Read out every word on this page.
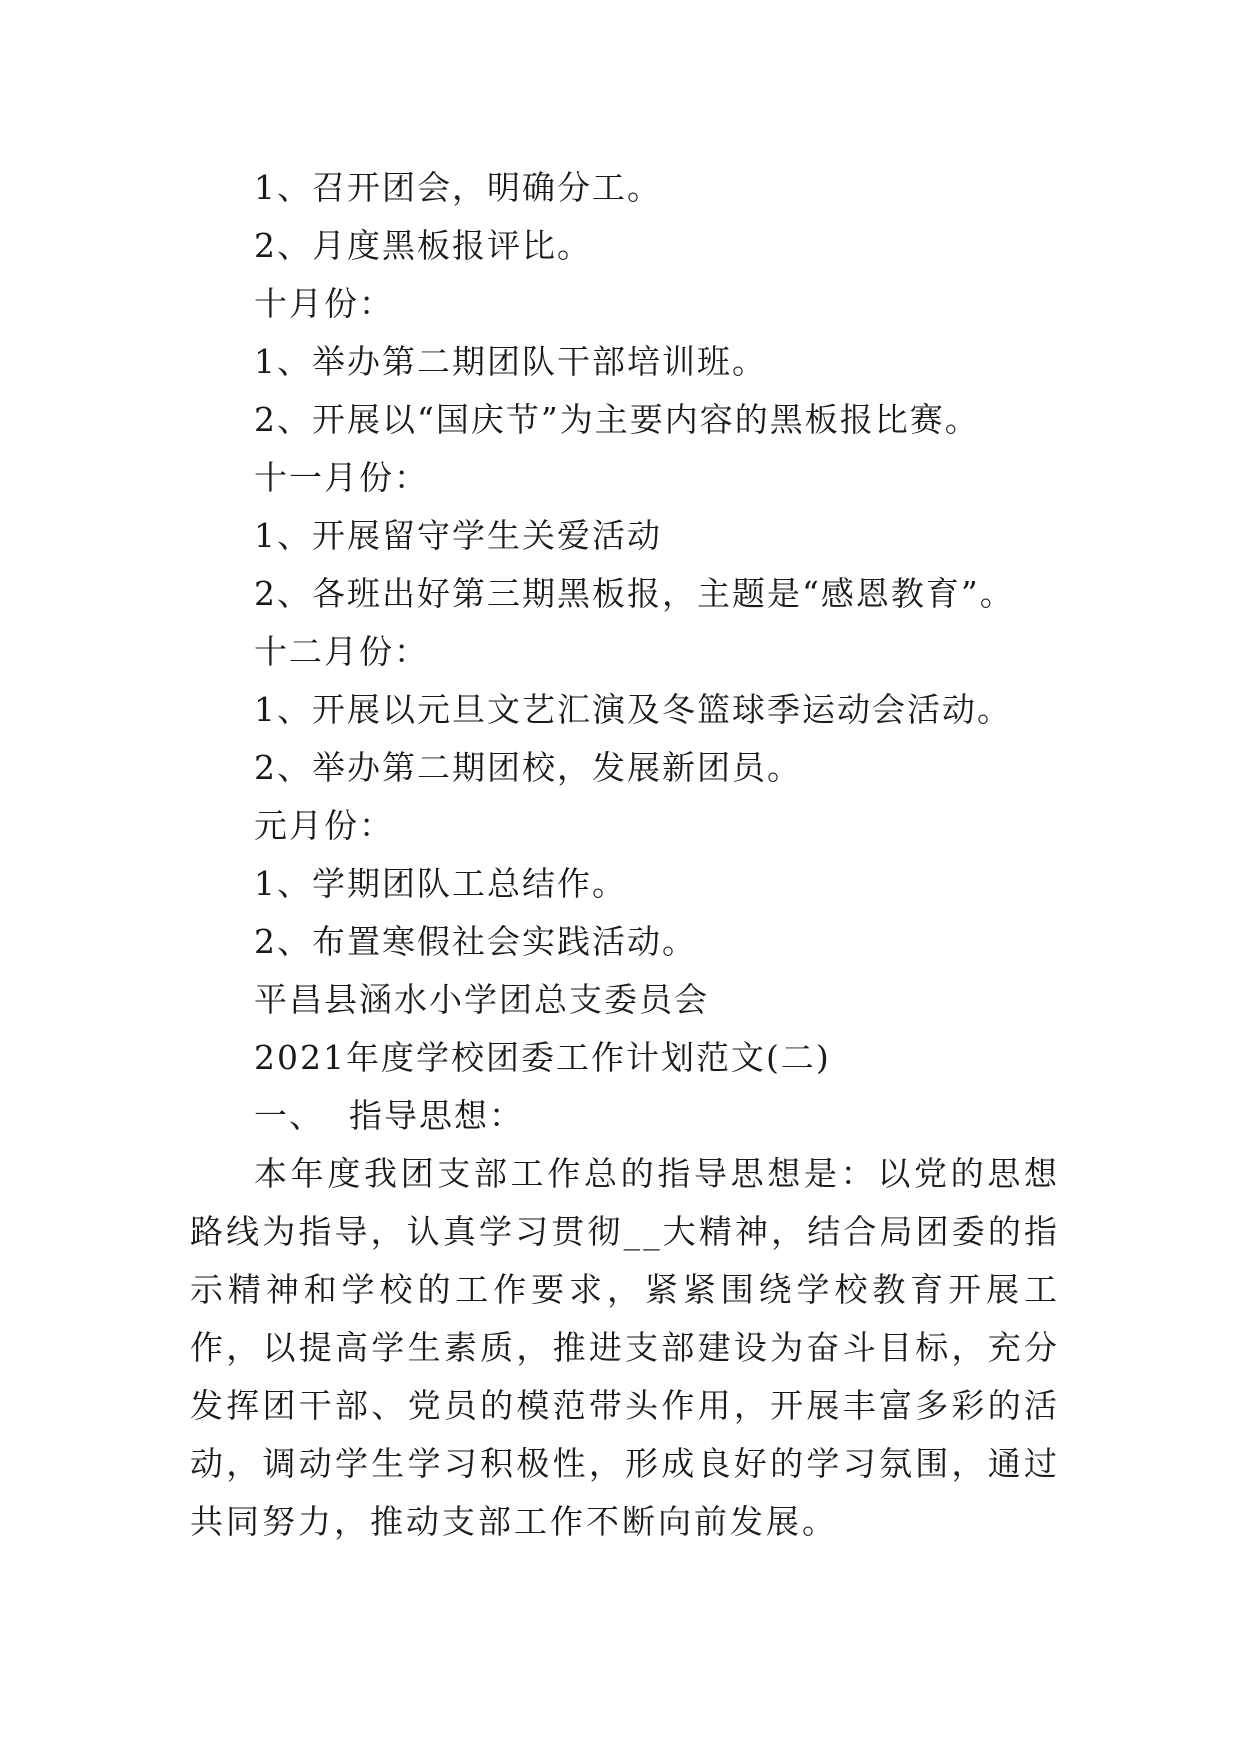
1、召开团会，明确分工。

2、月度黑板报评比。

十月份：

1、举办第二期团队干部培训班。

2、开展以“国庆节”为主要内容的黑板报比赛。

十一月份：

1、开展留守学生关爱活动

2、各班出好第三期黑板报，主题是“感恩教育”。

十二月份：

1、开展以元旦文艺汇演及冬篮球季运动会活动。

2、举办第二期团校，发展新团员。

元月份：

1、学期团队工总结作。

2、布置寒假社会实践活动。

平昌县涵水小学团总支委员会

2021年度学校团委工作计划范文(二)

一、  指导思想：

本年度我团支部工作总的指导思想是：以党的思想路线为指导，认真学习贯彻__大精神，结合局团委的指示精神和学校的工作要求，紧紧围绕学校教育开展工作，以提高学生素质，推进支部建设为奋斗目标，充分发挥团干部、党员的模范带头作用，开展丰富多彩的活动，调动学生学习积极性，形成良好的学习氛围，通过共同努力，推动支部工作不断向前发展。
